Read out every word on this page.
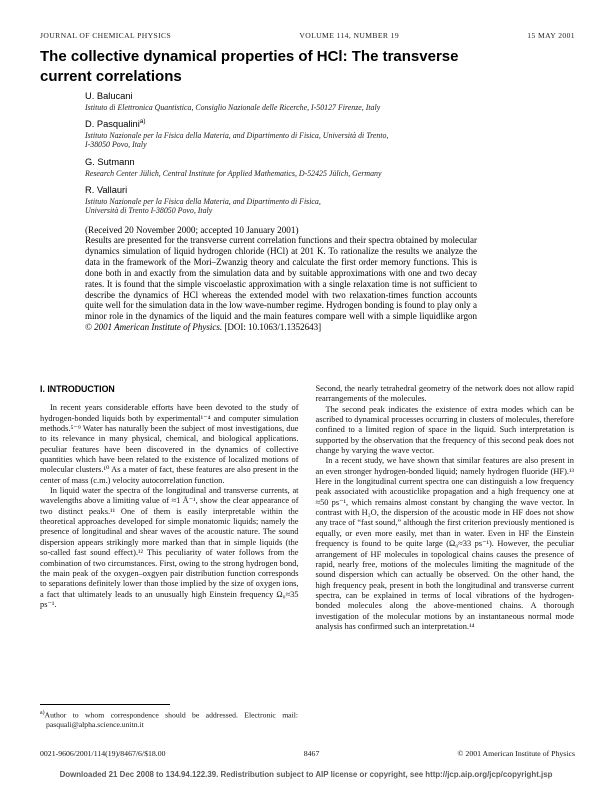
JOURNAL OF CHEMICAL PHYSICS	VOLUME 114, NUMBER 19	15 MAY 2001
The collective dynamical properties of HCl: The transverse
current correlations
U. Balucani
Istituto di Elettronica Quantistica, Consiglio Nazionale delle Ricerche, I-50127 Firenze, Italy
D. Pasqualini$^{a)}$
Istituto Nazionale per la Fisica della Materia, and Dipartimento di Fisica, Università di Trento,
I-38050 Povo, Italy
G. Sutmann
Research Center Jülich, Central Institute for Applied Mathematics, D-52425 Jülich, Germany
R. Vallauri
Istituto Nazionale per la Fisica della Materia, and Dipartimento di Fisica,
Università di Trento I-38050 Povo, Italy
(Received 20 November 2000; accepted 10 January 2001)
Results are presented for the transverse current correlation functions and their spectra obtained by molecular dynamics simulation of liquid hydrogen chloride (HCl) at 201 K. To rationalize the results we analyze the data in the framework of the Mori–Zwanzig theory and calculate the first order memory functions. This is done both in and exactly from the simulation data and by suitable approximations with one and two decay rates. It is found that the simple viscoelastic approximation with a single relaxation time is not sufficient to describe the dynamics of HCl whereas the extended model with two relaxation-times function accounts quite well for the simulation data in the low wave-number regime. Hydrogen bonding is found to play only a minor role in the dynamics of the liquid and the main features compare well with a simple liquidlike argon © 2001 American Institute of Physics. [DOI: 10.1063/1.1352643]
I. INTRODUCTION

In recent years considerable efforts have been devoted to the study of hydrogen-bonded liquids both by experimental¹⁻⁴ and computer simulation methods.⁵⁻⁹ Water has naturally been the subject of most investigations, due to its relevance in many physical, chemical, and biological applications. peculiar features have been discovered in the dynamics of collective quantities which have been related to the existence of localized motions of molecular clusters.¹⁰ As a mater of fact, these features are also present in the center of mass (c.m.) velocity autocorrelation function.

In liquid water the spectra of the longitudinal and transverse currents, at wavelengths above a limiting value of ≈1 Å⁻¹, show the clear appearance of two distinct peaks.¹¹ One of them is easily interpretable within the theoretical approaches developed for simple monatomic liquids; namely the presence of longitudinal and shear waves of the acoustic nature. The sound dispersion appears strikingly more marked than that in simple liquids (the so-called fast sound effect).¹² This peculiarity of water follows from the combination of two circumstances. First, owing to the strong hydrogen bond, the main peak of the oxygen–oxgyen pair distribution function corresponds to separations definitely lower than those implied by the size of oxygen ions, a fact that ultimately leads to an unusually high Einstein frequency Ω₀≈35 ps⁻¹.

Second, the nearly tetrahedral geometry of the network does not allow rapid rearrangements of the molecules.

The second peak indicates the existence of extra modes which can be ascribed to dynamical processes occurring in clusters of molecules, therefore confined to a limited region of space in the liquid. Such interpretation is supported by the observation that the frequency of this second peak does not change by varying the wave vector.

In a recent study, we have shown that similar features are also present in an even stronger hydrogen-bonded liquid; namely hydrogen fluoride (HF).¹³ Here in the longitudinal current spectra one can distinguish a low frequency peak associated with acousticlike propagation and a high frequency one at ≈50 ps⁻¹, which remains almost constant by changing the wave vector. In contrast with H₂O, the dispersion of the acoustic mode in HF does not show any trace of “fast sound,” although the first criterion previously mentioned is equally, or even more easily, met than in water. Even in HF the Einstein frequency is found to be quite large (Ω₀≈33 ps⁻¹). However, the peculiar arrangement of HF molecules in topological chains causes the presence of rapid, nearly free, motions of the molecules limiting the magnitude of the sound dispersion which can actually be observed. On the other hand, the high frequency peak, present in both the longitudinal and transverse current spectra, can be explained in terms of local vibrations of the hydrogen-bonded molecules along the above-mentioned chains. A thorough investigation of the molecular motions by an instantaneous normal mode analysis has confirmed such an interpretation.¹⁴

$^{a)}$Author to whom correspondence should be addressed. Electronic mail: pasquali@alpha.science.unitn.it

0021-9606/2001/114(19)/8467/6/$18.00	8467	© 2001 American Institute of Physics
Downloaded 21 Dec 2008 to 134.94.122.39. Redistribution subject to AIP license or copyright, see http://jcp.aip.org/jcp/copyright.jsp
